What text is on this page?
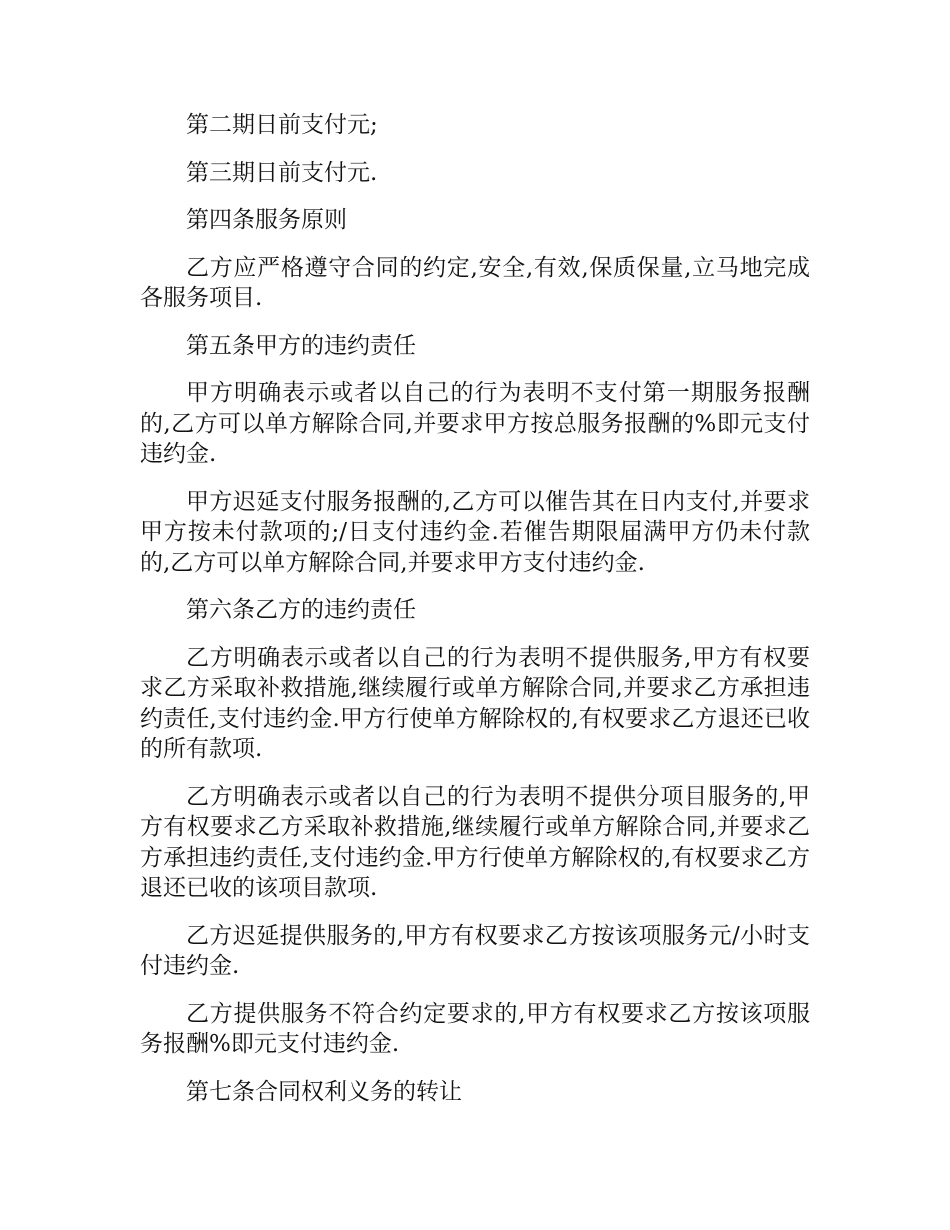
第二期日前支付元;

第三期日前支付元.

第四条服务原则

乙方应严格遵守合同的约定,安全,有效,保质保量,立马地完成各服务项目.

第五条甲方的违约责任

甲方明确表示或者以自己的行为表明不支付第一期服务报酬的,乙方可以单方解除合同,并要求甲方按总服务报酬的%即元支付违约金.

甲方迟延支付服务报酬的,乙方可以催告其在日内支付,并要求甲方按未付款项的;/日支付违约金.若催告期限届满甲方仍未付款的,乙方可以单方解除合同,并要求甲方支付违约金.

第六条乙方的违约责任

乙方明确表示或者以自己的行为表明不提供服务,甲方有权要求乙方采取补救措施,继续履行或单方解除合同,并要求乙方承担违约责任,支付违约金.甲方行使单方解除权的,有权要求乙方退还已收的所有款项.

乙方明确表示或者以自己的行为表明不提供分项目服务的,甲方有权要求乙方采取补救措施,继续履行或单方解除合同,并要求乙方承担违约责任,支付违约金.甲方行使单方解除权的,有权要求乙方退还已收的该项目款项.

乙方迟延提供服务的,甲方有权要求乙方按该项服务元/小时支付违约金.

乙方提供服务不符合约定要求的,甲方有权要求乙方按该项服务报酬%即元支付违约金.

第七条合同权利义务的转让
